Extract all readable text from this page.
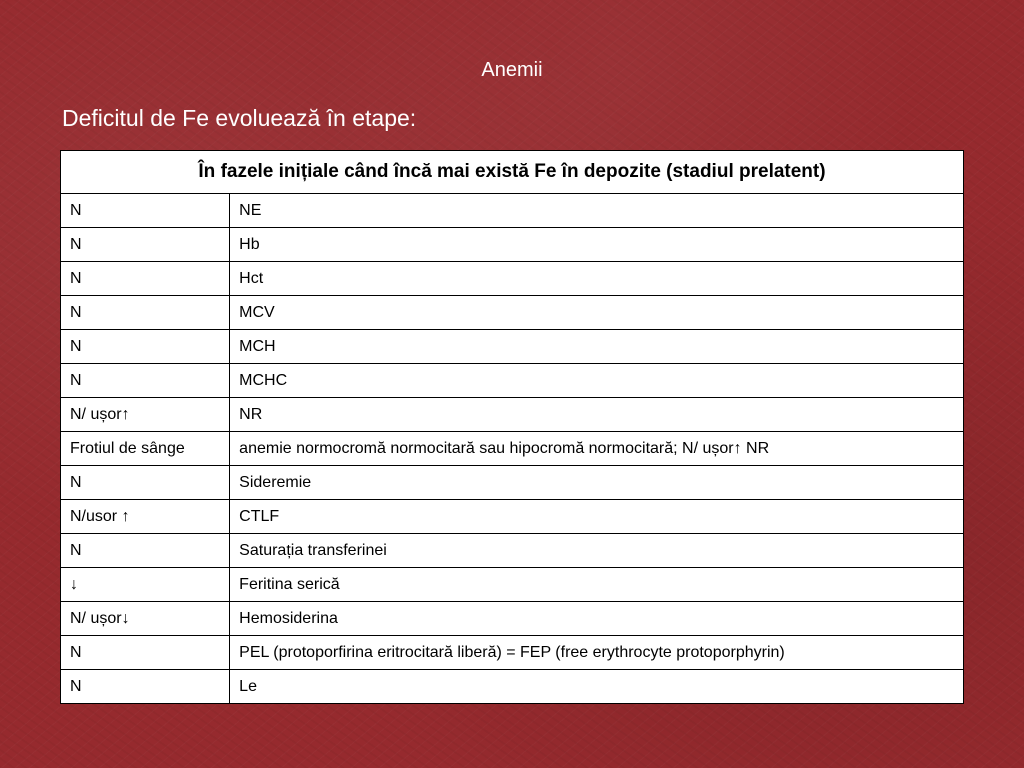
Anemii
Deficitul de Fe evoluează în etape:
În fazele inițiale când încă mai există Fe în depozite (stadiul prelatent)	
N	NE
N	Hb
N	Hct
N	MCV
N	MCH
N	MCHC
N/ ușor↑	NR
Frotiul de sânge	anemie normocromă normocitară sau hipocromă normocitară; N/ ușor↑ NR
N	Sideremie
N/usor ↑	CTLF
N	Saturația transferinei
↓	Feritina serică
N/ ușor↓	Hemosiderina
N	PEL (protoporfirina eritrocitară liberă) = FEP (free erythrocyte protoporphyrin)
N	Le
